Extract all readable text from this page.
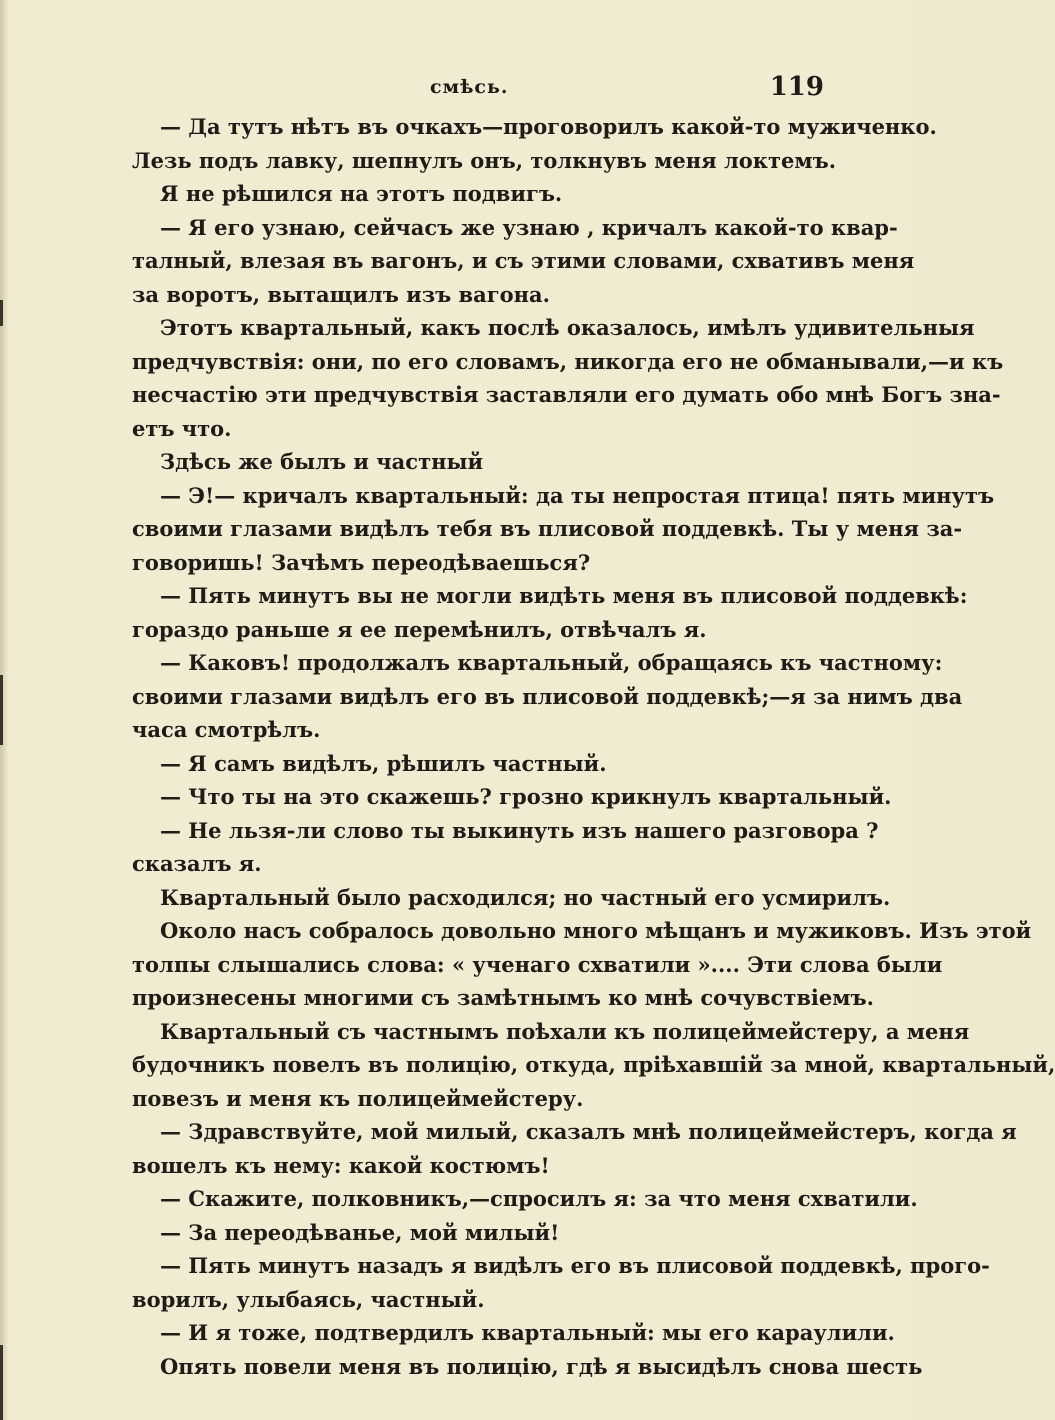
смѣсь.	119
— Да тутъ нѣтъ въ очкахъ—проговорилъ какой-то мужиченко.
Лезь подъ лавку, шепнулъ онъ, толкнувъ меня локтемъ.
Я не рѣшился на этотъ подвигъ.
— Я его узнаю, сейчасъ же узнаю , кричалъ какой-то квар-
талный, влезая въ вагонъ, и съ этими словами, схвативъ меня
за воротъ, вытащилъ изъ вагона.
Этотъ квартальный, какъ послѣ оказалось, имѣлъ удивительныя
предчувствія: они, по его словамъ, никогда его не обманывали,—и къ
несчастію эти предчувствія заставляли его думать обо мнѣ Богъ зна-
етъ что.
Здѣсь же былъ и частный
— Э!— кричалъ квартальный: да ты непростая птица! пять минутъ
своими глазами видѣлъ тебя въ плисовой поддевкѣ. Ты у меня за-
говоришь! Зачѣмъ переодѣваешься?
— Пять минутъ вы не могли видѣть меня въ плисовой поддевкѣ:
гораздо раньше я ее перемѣнилъ, отвѣчалъ я.
— Каковъ! продолжалъ квартальный, обращаясь къ частному:
своими глазами видѣлъ его въ плисовой поддевкѣ;—я за нимъ два
часа смотрѣлъ.
— Я самъ видѣлъ, рѣшилъ частный.
— Что ты на это скажешь? грозно крикнулъ квартальный.
— Не льзя-ли слово ты выкинуть изъ нашего разговора ?
сказалъ я.
Квартальный было расходился; но частный его усмирилъ.
Около насъ собралось довольно много мѣщанъ и мужиковъ. Изъ этой
толпы слышались слова: « ученаго схватили ».... Эти слова были
произнесены многими съ замѣтнымъ ко мнѣ сочувствіемъ.
Квартальный съ частнымъ поѣхали къ полицеймейстеру, а меня
будочникъ повелъ въ полицію, откуда, пріѣхавшій за мной, квартальный,
повезъ и меня къ полицеймейстеру.
— Здравствуйте, мой милый, сказалъ мнѣ полицеймейстеръ, когда я
вошелъ къ нему: какой костюмъ!
— Скажите, полковникъ,—спросилъ я: за что меня схватили.
— За переодѣванье, мой милый!
— Пять минутъ назадъ я видѣлъ его въ плисовой поддевкѣ, прого-
ворилъ, улыбаясь, частный.
— И я тоже, подтвердилъ квартальный: мы его караулили.
Опять повели меня въ полицію, гдѣ я высидѣлъ снова шесть
